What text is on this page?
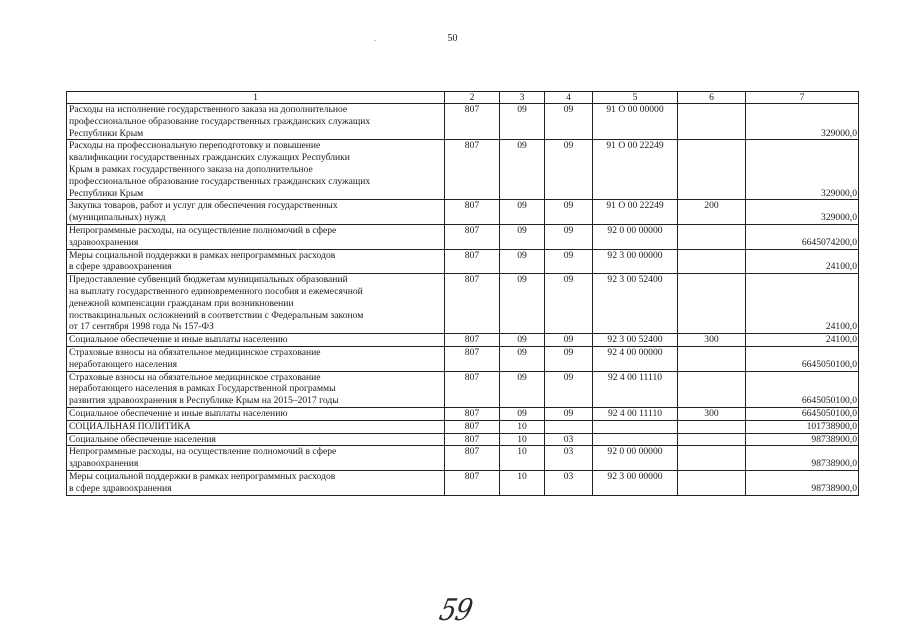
50
1	2	3	4	5	6	7

Расходы на исполнение государственного заказа на дополнительное
профессиональное образование государственных гражданских служащих
Республики Крым	807	09	09	91 О 00 00000		329000,0

Расходы на профессиональную переподготовку и повышение
квалификации государственных гражданских служащих Республики
Крым в рамках государственного заказа на дополнительное
профессиональное образование государственных гражданских служащих
Республики Крым	807	09	09	91 О 00 22249		329000,0

Закупка товаров, работ и услуг для обеспечения государственных
(муниципальных) нужд	807	09	09	91 О 00 22249	200	329000,0

Непрограммные расходы, на осуществление полномочий в сфере
здравоохранения	807	09	09	92 0 00 00000		6645074200,0

Меры социальной поддержки в рамках непрограммных расходов
в сфере здравоохранения	807	09	09	92 3 00 00000		24100,0

Предоставление субвенций бюджетам муниципальных образований
на выплату государственного единовременного пособия и ежемесячной
денежной компенсации гражданам при возникновении
поствакцинальных осложнений в соответствии с Федеральным законом
от 17 сентября 1998 года № 157-ФЗ	807	09	09	92 3 00 52400		24100,0

Социальное обеспечение и иные выплаты населению	807	09	09	92 3 00 52400	300	24100,0

Страховые взносы на обязательное медицинское страхование
неработающего населения	807	09	09	92 4 00 00000		6645050100,0

Страховые взносы на обязательное медицинское страхование
неработающего населения в рамках Государственной программы
развития здравоохранения в Республике Крым на 2015–2017 годы	807	09	09	92 4 00 11110		6645050100,0

Социальное обеспечение и иные выплаты населению	807	09	09	92 4 00 11110	300	6645050100,0

СОЦИАЛЬНАЯ ПОЛИТИКА	807	10				101738900,0

Социальное обеспечение населения	807	10	03			98738900,0

Непрограммные расходы, на осуществление полномочий в сфере
здравоохранения	807	10	03	92 0 00 00000		98738900,0

Меры социальной поддержки в рамках непрограммных расходов
в сфере здравоохранения	807	10	03	92 3 00 00000		98738900,0
59
